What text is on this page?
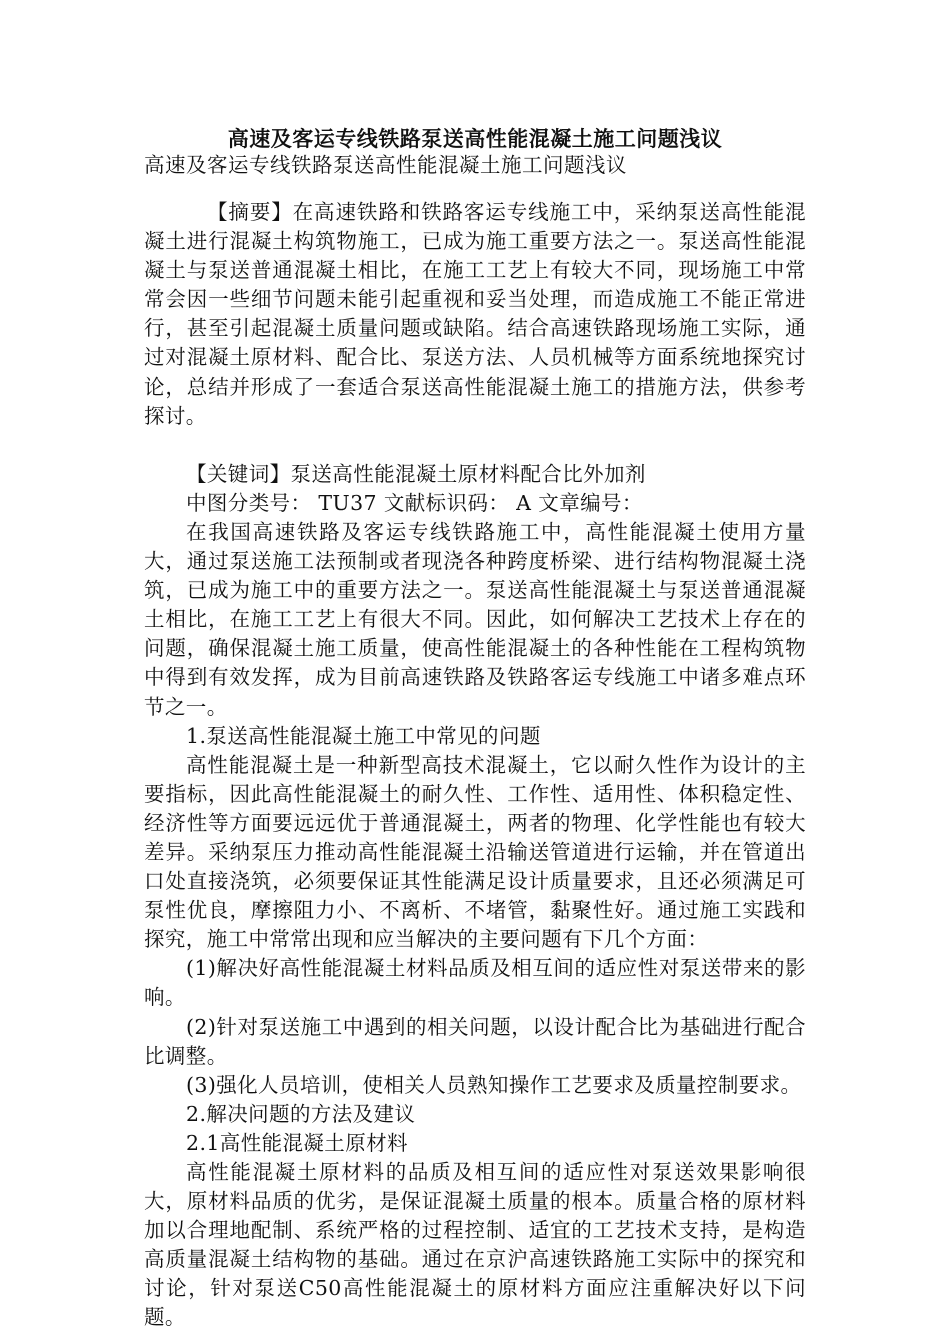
高速及客运专线铁路泵送高性能混凝土施工问题浅议
高速及客运专线铁路泵送高性能混凝土施工问题浅议

【摘要】在高速铁路和铁路客运专线施工中，采纳泵送高性能混凝土进行混凝土构筑物施工，已成为施工重要方法之一。泵送高性能混凝土与泵送普通混凝土相比，在施工工艺上有较大不同，现场施工中常常会因一些细节问题未能引起重视和妥当处理，而造成施工不能正常进行，甚至引起混凝土质量问题或缺陷。结合高速铁路现场施工实际，通过对混凝土原材料、配合比、泵送方法、人员机械等方面系统地探究讨论，总结并形成了一套适合泵送高性能混凝土施工的措施方法，供参考探讨。

【关键词】泵送高性能混凝土原材料配合比外加剂

中图分类号： TU37 文献标识码： A 文章编号：

在我国高速铁路及客运专线铁路施工中，高性能混凝土使用方量大，通过泵送施工法预制或者现浇各种跨度桥梁、进行结构物混凝土浇筑，已成为施工中的重要方法之一。泵送高性能混凝土与泵送普通混凝土相比，在施工工艺上有很大不同。因此，如何解决工艺技术上存在的问题，确保混凝土施工质量，使高性能混凝土的各种性能在工程构筑物中得到有效发挥，成为目前高速铁路及铁路客运专线施工中诸多难点环节之一。

1.泵送高性能混凝土施工中常见的问题

高性能混凝土是一种新型高技术混凝土，它以耐久性作为设计的主要指标，因此高性能混凝土的耐久性、工作性、适用性、体积稳定性、经济性等方面要远远优于普通混凝土，两者的物理、化学性能也有较大差异。采纳泵压力推动高性能混凝土沿输送管道进行运输，并在管道出口处直接浇筑，必须要保证其性能满足设计质量要求，且还必须满足可泵性优良，摩擦阻力小、不离析、不堵管，黏聚性好。通过施工实践和探究，施工中常常出现和应当解决的主要问题有下几个方面：

(1)解决好高性能混凝土材料品质及相互间的适应性对泵送带来的影响。

(2)针对泵送施工中遇到的相关问题，以设计配合比为基础进行配合比调整。

(3)强化人员培训，使相关人员熟知操作工艺要求及质量控制要求。

2.解决问题的方法及建议

2.1高性能混凝土原材料

高性能混凝土原材料的品质及相互间的适应性对泵送效果影响很大，原材料品质的优劣，是保证混凝土质量的根本。质量合格的原材料加以合理地配制、系统严格的过程控制、适宜的工艺技术支持，是构造高质量混凝土结构物的基础。通过在京沪高速铁路施工实际中的探究和讨论，针对泵送C50高性能混凝土的原材料方面应注重解决好以下问题。
